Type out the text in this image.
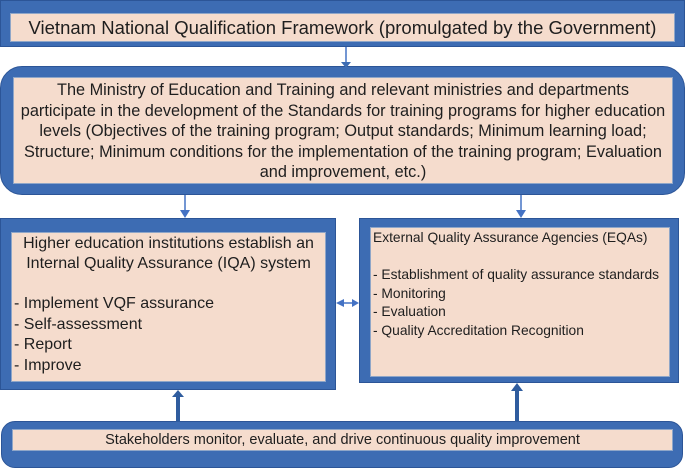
Vietnam National Qualification Framework (promulgated by the Government)
The Ministry of Education and Training and relevant ministries and departments participate in the development of the Standards for training programs for higher education levels (Objectives of the training program; Output standards; Minimum learning load; Structure; Minimum conditions for the implementation of the training program; Evaluation and improvement, etc.)
Higher education institutions establish an Internal Quality Assurance (IQA) system
- Implement VQF assurance
- Self-assessment
- Report
- Improve
External Quality Assurance Agencies (EQAs)
- Establishment of quality assurance standards
- Monitoring
- Evaluation
- Quality Accreditation Recognition
Stakeholders monitor, evaluate, and drive continuous quality improvement
